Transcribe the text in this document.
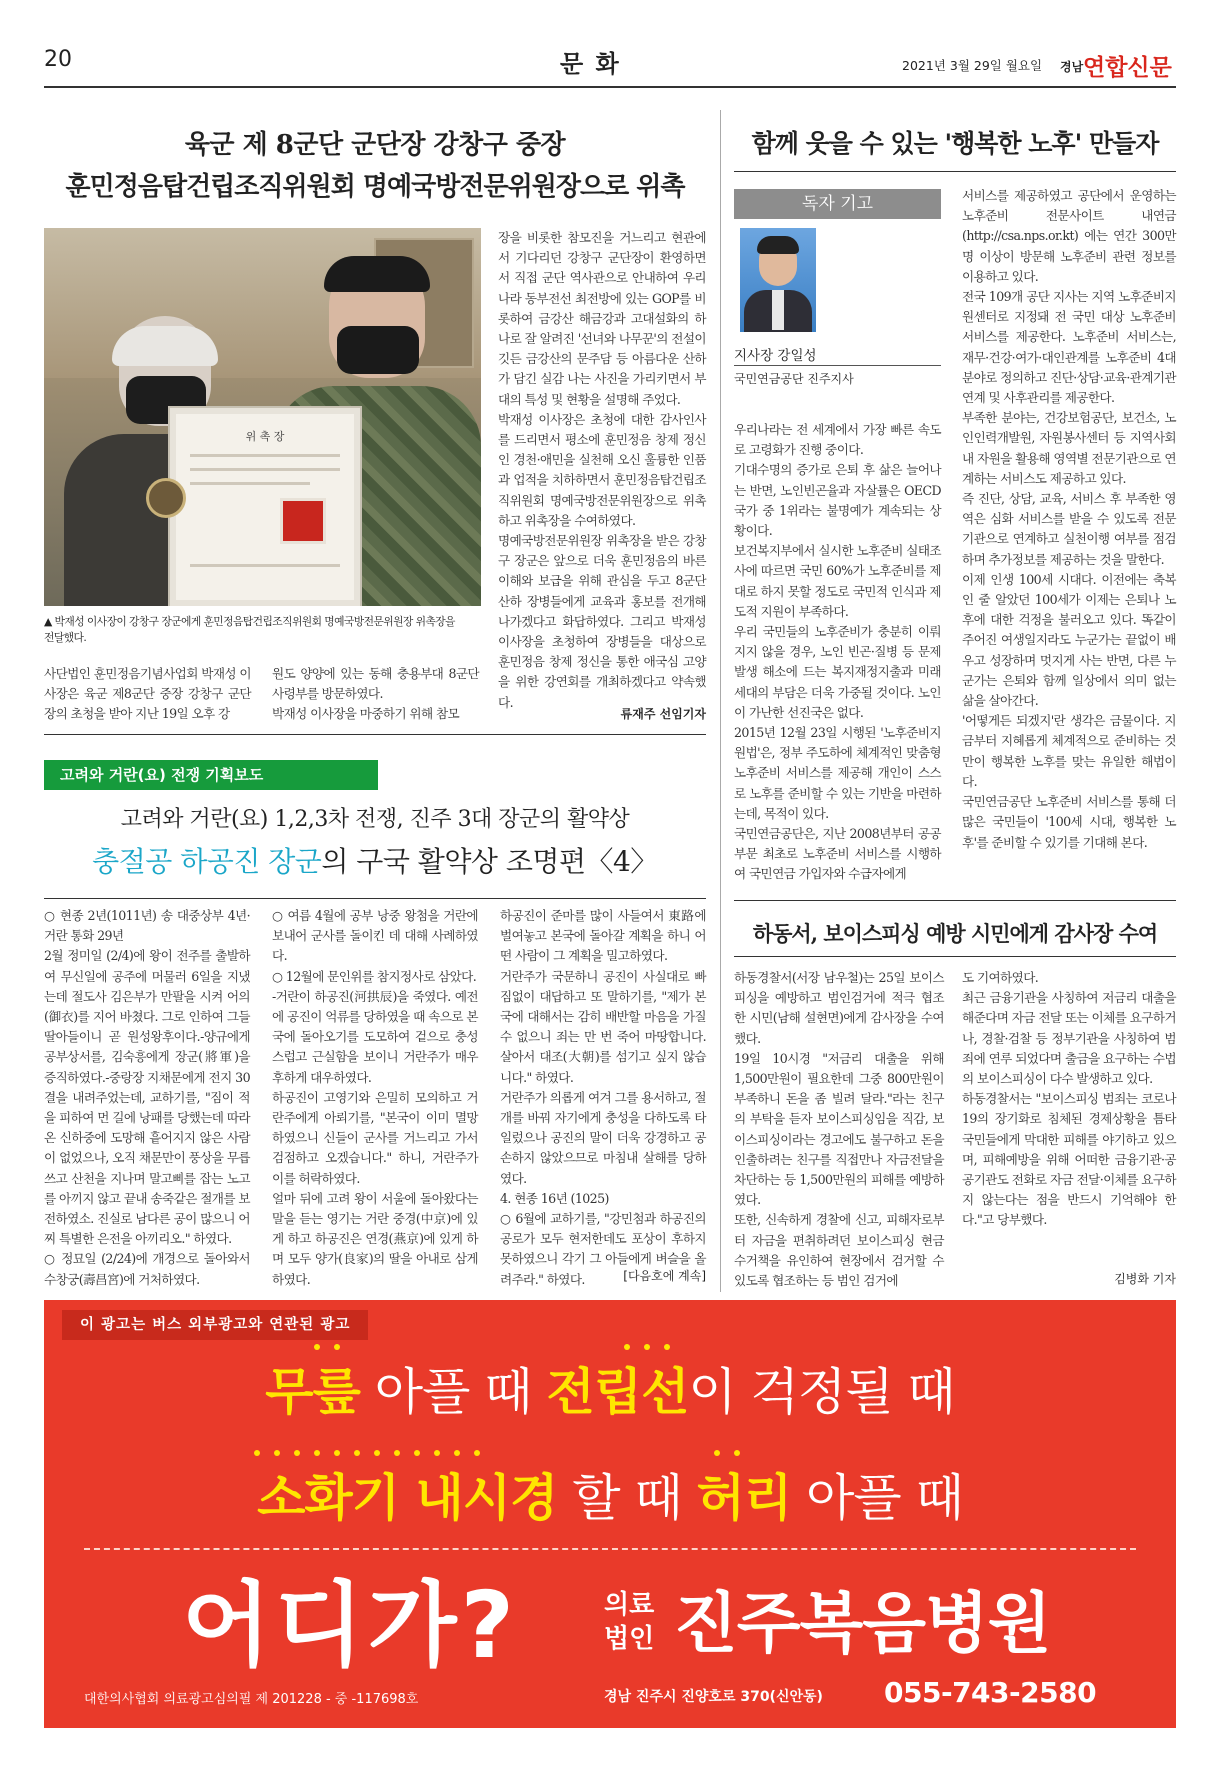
20	문 화	2021년 3월 29일 월요일 경남 연합신문
육군 제 8군단 군단장 강창구 중장
훈민정음탑건립조직위원회 명예국방전문위원장으로 위촉
위 촉 장
▲ 박재성 이사장이 강창구 장군에게 훈민정음탑건립조직위원회 명예국방전문위원장 위촉장을
전달했다.
사단법인 훈민정음기념사업회 박재성 이사장은 육군 제8군단 중장 강창구 군단장의 초청을 받아 지난 19일 오후 강
원도 양양에 있는 동해 충용부대 8군단 사령부를 방문하였다.
박재성 이사장을 마중하기 위해 참모
장을 비롯한 참모진을 거느리고 현관에서 기다리던 강창구 군단장이 환영하면서 직접 군단 역사관으로 안내하여 우리나라 동부전선 최전방에 있는 GOP를 비롯하여 금강산 해금강과 고대설화의 하나로 잘 알려진 '선녀와 나무꾼'의 전설이 깃든 금강산의 문주담 등 아름다운 산하가 담긴 실감 나는 사진을 가리키면서 부대의 특성 및 현황을 설명해 주었다.
박재성 이사장은 초청에 대한 감사인사를 드리면서 평소에 훈민정음 창제 정신인 경천·애민을 실천해 오신 훌륭한 인품과 업적을 치하하면서 훈민정음탑건립조직위원회 명예국방전문위원장으로 위촉하고 위촉장을 수여하였다.
명예국방전문위원장 위촉장을 받은 강창구 장군은 앞으로 더욱 훈민정음의 바른 이해와 보급을 위해 관심을 두고 8군단 산하 장병들에게 교육과 홍보를 전개해 나가겠다고 화답하였다. 그리고 박재성 이사장을 초청하여 장병들을 대상으로 훈민정음 창제 정신을 통한 애국심 고양을 위한 강연회를 개최하겠다고 약속했다.
류재주 선임기자
고려와 거란(요) 전쟁 기획보도
고려와 거란(요) 1,2,3차 전쟁, 진주 3대 장군의 활약상
충절공 하공진 장군의 구국 활약상 조명편〈4〉
○ 현종 2년(1011년) 송 대중상부 4년·거란 통화 29년
2월 정미일 (2/4)에 왕이 전주를 출발하여 무신일에 공주에 머물러 6일을 지냈는데 절도사 김은부가 만팔을 시켜 어의(御衣)를 지어 바쳤다. 그로 인하여 그들 딸아들이니 곧 원성왕후이다.-양규에게 공부상서를, 김숙흥에게 장군(將軍)을 증직하였다.-중랑장 지채문에게 전지 30결을 내려주었는데, 교하기를, "짐이 적을 피하여 먼 길에 낭패를 당했는데 따라온 신하중에 도망해 흩어지지 않은 사람이 없었으나, 오직 채문만이 풍상을 무릅쓰고 산천을 지나며 말고삐를 잡는 노고를 아끼지 않고 끝내 송죽같은 절개를 보전하였소. 진실로 남다른 공이 많으니 어찌 특별한 은전을 아끼리오." 하였다.
○ 정묘일 (2/24)에 개경으로 돌아와서 수창궁(壽昌宮)에 거처하였다.
○ 여름 4월에 공부 낭중 왕첨을 거란에 보내어 군사를 돌이킨 데 대해 사례하였다.
○ 12월에 문인위를 참지정사로 삼았다.
-거란이 하공진(河拱辰)을 죽였다. 예전에 공진이 억류를 당하였을 때 속으로 본국에 돌아오기를 도모하여 겉으로 충성스럽고 근실함을 보이니 거란주가 매우 후하게 대우하였다.
하공진이 고영기와 은밀히 모의하고 거란주에게 아뢰기를, "본국이 이미 멸망하였으니 신들이 군사를 거느리고 가서 검점하고 오겠습니다." 하니, 거란주가 이를 허락하였다.
얼마 뒤에 고려 왕이 서울에 돌아왔다는 말을 듣는 영기는 거란 중경(中京)에 있게 하고 하공진은 연경(燕京)에 있게 하며 모두 양가(良家)의 딸을 아내로 삼게 하였다.
하공진이 준마를 많이 사들여서 東路에 벌여놓고 본국에 돌아갈 계획을 하니 어떤 사람이 그 계획을 밀고하였다.
거란주가 국문하니 공진이 사실대로 빠짐없이 대답하고 또 말하기를, "제가 본국에 대해서는 감히 배반할 마음을 가질 수 없으니 죄는 만 번 죽어 마땅합니다. 살아서 대조(大朝)를 섬기고 싶지 않습니다." 하였다.
거란주가 의롭게 여겨 그를 용서하고, 절개를 바꿔 자기에게 충성을 다하도록 타일렀으나 공진의 말이 더욱 강경하고 공손하지 않았으므로 마침내 살해를 당하였다.
4. 현종 16년 (1025)
○ 6월에 교하기를, "강민첨과 하공진의 공로가 모두 현저한데도 포상이 후하지 못하였으니 각기 그 아들에게 벼슬을 올려주라." 하였다.	[다음호에 계속]
함께 웃을 수 있는 '행복한 노후' 만들자
독자 기고
지사장 강일성
국민연금공단 진주지사
우리나라는 전 세계에서 가장 빠른 속도로 고령화가 진행 중이다.
기대수명의 증가로 은퇴 후 삶은 늘어나는 반면, 노인빈곤율과 자살률은 OECD 국가 중 1위라는 불명예가 계속되는 상황이다.
보건복지부에서 실시한 노후준비 실태조사에 따르면 국민 60%가 노후준비를 제대로 하지 못할 정도로 국민적 인식과 제도적 지원이 부족하다.
우리 국민들의 노후준비가 충분히 이뤄지지 않을 경우, 노인 빈곤·질병 등 문제 발생 해소에 드는 복지재정지출과 미래세대의 부담은 더욱 가중될 것이다. 노인이 가난한 선진국은 없다.
2015년 12월 23일 시행된 '노후준비지원법'은, 정부 주도하에 체계적인 맞춤형 노후준비 서비스를 제공해 개인이 스스로 노후를 준비할 수 있는 기반을 마련하는데, 목적이 있다.
국민연금공단은, 지난 2008년부터 공공부문 최초로 노후준비 서비스를 시행하여 국민연금 가입자와 수급자에게
서비스를 제공하였고 공단에서 운영하는 노후준비 전문사이트 내연금 (http://csa.nps.or.kt) 에는 연간 300만 명 이상이 방문해 노후준비 관련 정보를 이용하고 있다.
전국 109개 공단 지사는 지역 노후준비지원센터로 지정돼 전 국민 대상 노후준비 서비스를 제공한다. 노후준비 서비스는, 재무·건강·여가·대인관계를 노후준비 4대 분야로 정의하고 진단·상담·교육·관계기관 연계 및 사후관리를 제공한다.
부족한 분야는, 건강보험공단, 보건소, 노인인력개발원, 자원봉사센터 등 지역사회 내 자원을 활용해 영역별 전문기관으로 연계하는 서비스도 제공하고 있다.
즉 진단, 상담, 교육, 서비스 후 부족한 영역은 심화 서비스를 받을 수 있도록 전문기관으로 연계하고 실천이행 여부를 점검하며 추가정보를 제공하는 것을 말한다.
이제 인생 100세 시대다. 이전에는 축복인 줄 알았던 100세가 이제는 은퇴나 노후에 대한 걱정을 불러오고 있다. 똑같이 주어진 여생일지라도 누군가는 끝없이 배우고 성장하며 멋지게 사는 반면, 다른 누군가는 은퇴와 함께 일상에서 의미 없는 삶을 살아간다.
'어떻게든 되겠지'란 생각은 금물이다. 지금부터 지혜롭게 체계적으로 준비하는 것 만이 행복한 노후를 맞는 유일한 해법이다.
국민연금공단 노후준비 서비스를 통해 더 많은 국민들이 '100세 시대, 행복한 노후'를 준비할 수 있기를 기대해 본다.
하동서, 보이스피싱 예방 시민에게 감사장 수여
하동경찰서(서장 남우철)는 25일 보이스피싱을 예방하고 범인검거에 적극 협조한 시민(남해 설현면)에게 감사장을 수여했다.
19일 10시경 "저금리 대출을 위해 1,500만원이 필요한데 그중 800만원이 부족하니 돈을 좀 빌려 달라."라는 친구의 부탁을 듣자 보이스피싱임을 직감, 보이스피싱이라는 경고에도 불구하고 돈을 인출하려는 친구를 직접만나 자금전달을 차단하는 등 1,500만원의 피해를 예방하였다.
또한, 신속하게 경찰에 신고, 피해자로부터 자금을 편취하려던 보이스피싱 현금수거책을 유인하여 현장에서 검거할 수 있도록 협조하는 등 범인 검거에
도 기여하였다.
최근 금융기관을 사칭하여 저금리 대출을 해준다며 자금 전달 또는 이체를 요구하거나, 경찰·검찰 등 정부기관을 사칭하여 범죄에 연루 되었다며 출금을 요구하는 수법의 보이스피싱이 다수 발생하고 있다.
하동경찰서는 "보이스피싱 범죄는 코로나 19의 장기화로 침체된 경제상황을 틈타 국민들에게 막대한 피해를 야기하고 있으며, 피해예방을 위해 어떠한 금융기관·공공기관도 전화로 자금 전달·이체를 요구하지 않는다는 점을 반드시 기억해야 한다."고 당부했다.
김병화 기자
이 광고는 버스 외부광고와 연관된 광고
무릎 아플 때 전립선이 걱정될 때
소화기 내시경 할 때 허리 아플 때
어디가?	의료
법인 진주복음병원
대한의사협회 의료광고심의필 제 201228 - 중 -117698호	경남 진주시 진양호로 370(신안동) 055-743-2580
